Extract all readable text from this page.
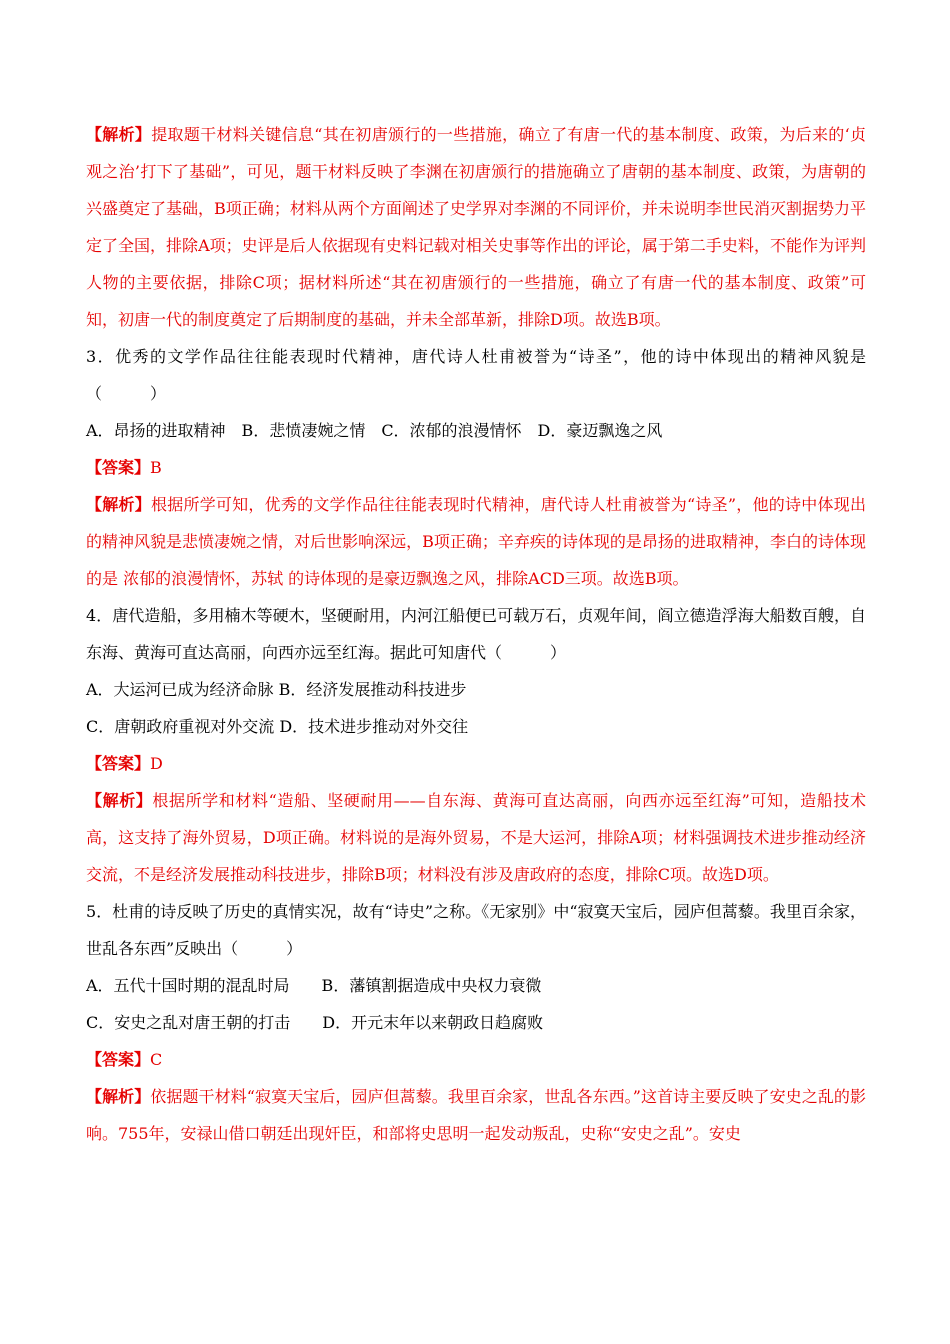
【解析】提取题干材料关键信息“其在初唐颁行的一些措施，确立了有唐一代的基本制度、政策，为后来的‘贞观之治’打下了基础”，可见，题干材料反映了李渊在初唐颁行的措施确立了唐朝的基本制度、政策，为唐朝的兴盛奠定了基础，B项正确；材料从两个方面阐述了史学界对李渊的不同评价，并未说明李世民消灭割据势力平定了全国，排除A项；史评是后人依据现有史料记载对相关史事等作出的评论，属于第二手史料，不能作为评判人物的主要依据，排除C项；据材料所述“其在初唐颁行的一些措施，确立了有唐一代的基本制度、政策”可知，初唐一代的制度奠定了后期制度的基础，并未全部革新，排除D项。故选B项。
3．优秀的文学作品往往能表现时代精神，唐代诗人杜甫被誉为“诗圣”，他的诗中体现出的精神风貌是（　　　）
A．昂扬的进取精神　B．悲愤凄婉之情　C．浓郁的浪漫情怀　D．豪迈飘逸之风
【答案】B
【解析】根据所学可知，优秀的文学作品往往能表现时代精神，唐代诗人杜甫被誉为“诗圣”，他的诗中体现出的精神风貌是悲愤凄婉之情，对后世影响深远，B项正确；辛弃疾的诗体现的是昂扬的进取精神，李白的诗体现的是 浓郁的浪漫情怀，苏轼 的诗体现的是豪迈飘逸之风，排除ACD三项。故选B项。
4．唐代造船，多用楠木等硬木，坚硬耐用，内河江船便已可载万石，贞观年间，阎立德造浮海大船数百艘，自东海、黄海可直达高丽，向西亦远至红海。据此可知唐代（　　　）
A．大运河已成为经济命脉 B．经济发展推动科技进步
C．唐朝政府重视对外交流 D．技术进步推动对外交往
【答案】D
【解析】根据所学和材料“造船、坚硬耐用——自东海、黄海可直达高丽，向西亦远至红海”可知，造船技术高，这支持了海外贸易，D项正确。材料说的是海外贸易，不是大运河，排除A项；材料强调技术进步推动经济交流，不是经济发展推动科技进步，排除B项；材料没有涉及唐政府的态度，排除C项。故选D项。
5．杜甫的诗反映了历史的真情实况，故有“诗史”之称。《无家别》中“寂寞天宝后，园庐但蒿藜。我里百余家，世乱各东西”反映出（　　　）
A．五代十国时期的混乱时局　　B．藩镇割据造成中央权力衰微
C．安史之乱对唐王朝的打击　　D．开元末年以来朝政日趋腐败
【答案】C
【解析】依据题干材料“寂寞天宝后，园庐但蒿藜。我里百余家，世乱各东西。”这首诗主要反映了安史之乱的影响。755年，安禄山借口朝廷出现奸臣，和部将史思明一起发动叛乱，史称“安史之乱”。安史
